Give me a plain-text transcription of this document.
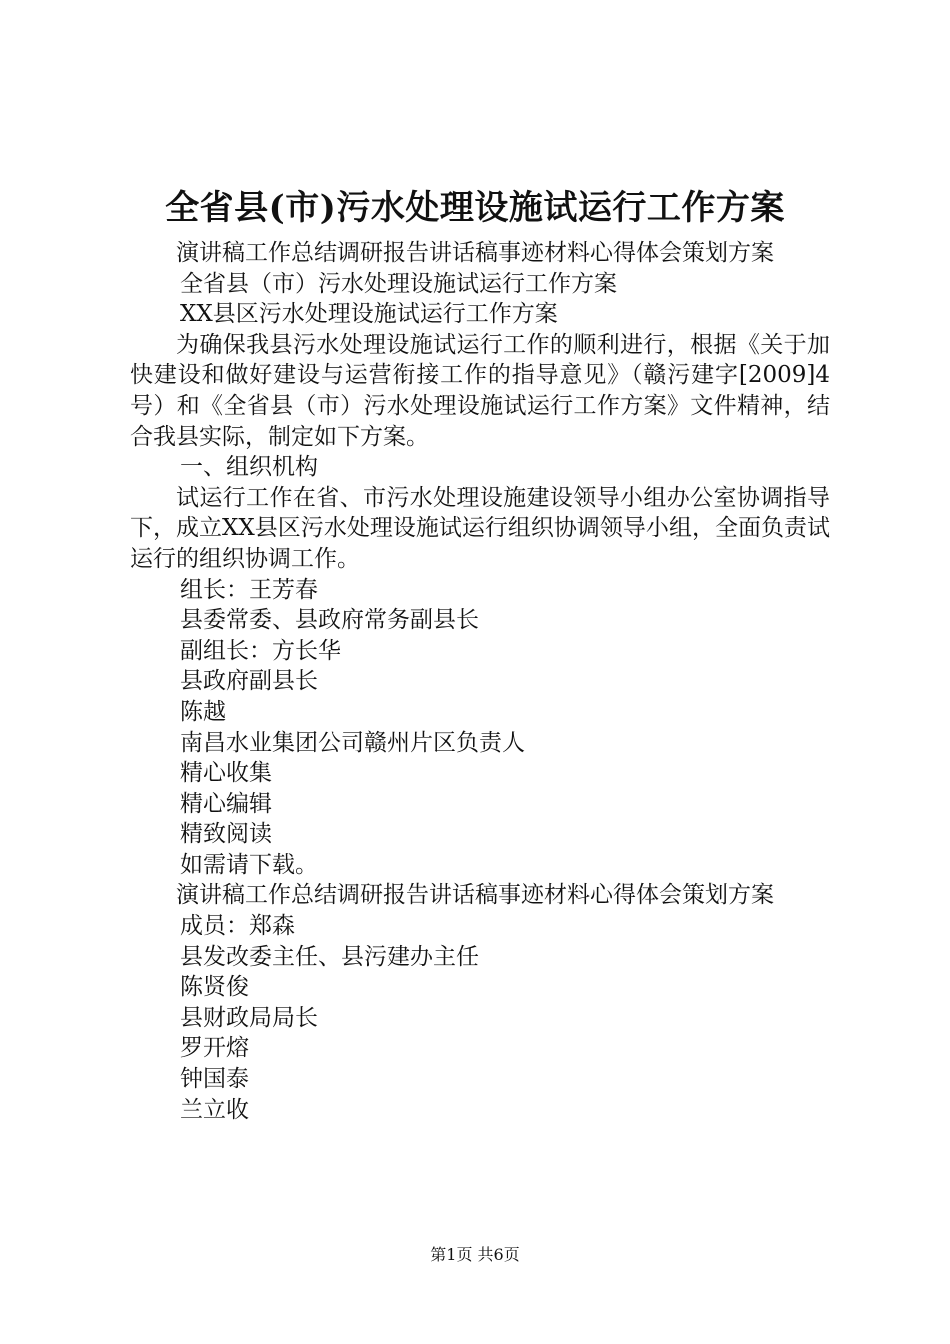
全省县(市)污水处理设施试运行工作方案

演讲稿工作总结调研报告讲话稿事迹材料心得体会策划方案

全省县（市）污水处理设施试运行工作方案

XX县区污水处理设施试运行工作方案

为确保我县污水处理设施试运行工作的顺利进行，根据《关于加快建设和做好建设与运营衔接工作的指导意见》（赣污建字[2009]4号）和《全省县（市）污水处理设施试运行工作方案》文件精神，结合我县实际，制定如下方案。

一、组织机构

试运行工作在省、市污水处理设施建设领导小组办公室协调指导下，成立XX县区污水处理设施试运行组织协调领导小组，全面负责试运行的组织协调工作。

组长：王芳春

县委常委、县政府常务副县长

副组长：方长华

县政府副县长

陈越

南昌水业集团公司赣州片区负责人

精心收集

精心编辑

精致阅读

如需请下载。

演讲稿工作总结调研报告讲话稿事迹材料心得体会策划方案

成员：郑森

县发改委主任、县污建办主任

陈贤俊

县财政局局长

罗开熔

钟国泰

兰立收

第1页 共6页
